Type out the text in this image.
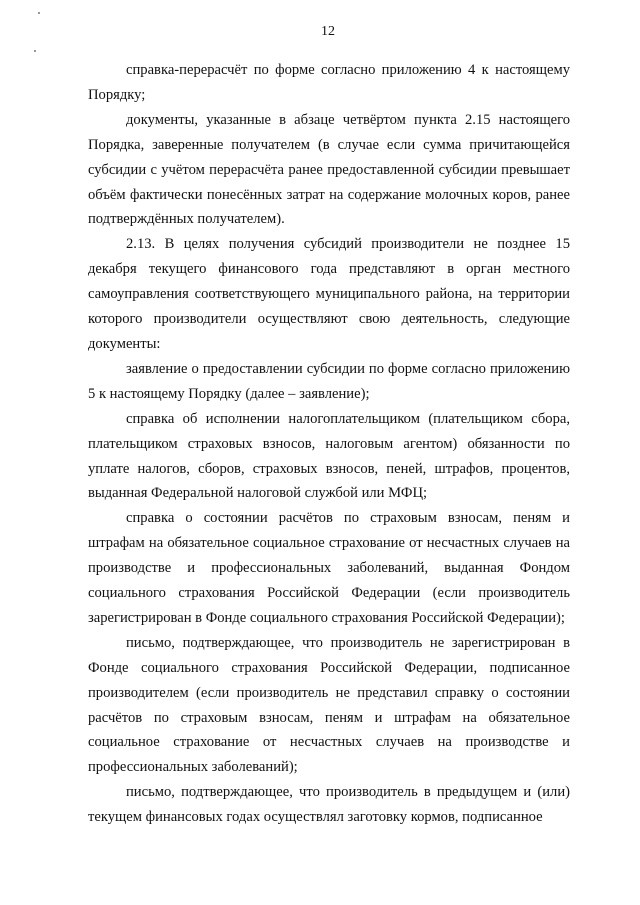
12

справка-перерасчёт по форме согласно приложению 4 к настоящему Порядку;

документы, указанные в абзаце четвёртом пункта 2.15 настоящего Порядка, заверенные получателем (в случае если сумма причитающейся субсидии с учётом перерасчёта ранее предоставленной субсидии превышает объём фактически понесённых затрат на содержание молочных коров, ранее подтверждённых получателем).

2.13. В целях получения субсидий производители не позднее 15 декабря текущего финансового года представляют в орган местного самоуправления соответствующего муниципального района, на территории которого производители осуществляют свою деятельность, следующие документы:

заявление о предоставлении субсидии по форме согласно приложению 5 к настоящему Порядку (далее – заявление);

справка об исполнении налогоплательщиком (плательщиком сбора, плательщиком страховых взносов, налоговым агентом) обязанности по уплате налогов, сборов, страховых взносов, пеней, штрафов, процентов, выданная Федеральной налоговой службой или МФЦ;

справка о состоянии расчётов по страховым взносам, пеням и штрафам на обязательное социальное страхование от несчастных случаев на производстве и профессиональных заболеваний, выданная Фондом социального страхования Российской Федерации (если производитель зарегистрирован в Фонде социального страхования Российской Федерации);

письмо, подтверждающее, что производитель не зарегистрирован в Фонде социального страхования Российской Федерации, подписанное производителем (если производитель не представил справку о состоянии расчётов по страховым взносам, пеням и штрафам на обязательное социальное страхование от несчастных случаев на производстве и профессиональных заболеваний);

письмо, подтверждающее, что производитель в предыдущем и (или) текущем финансовых годах осуществлял заготовку кормов, подписанное
